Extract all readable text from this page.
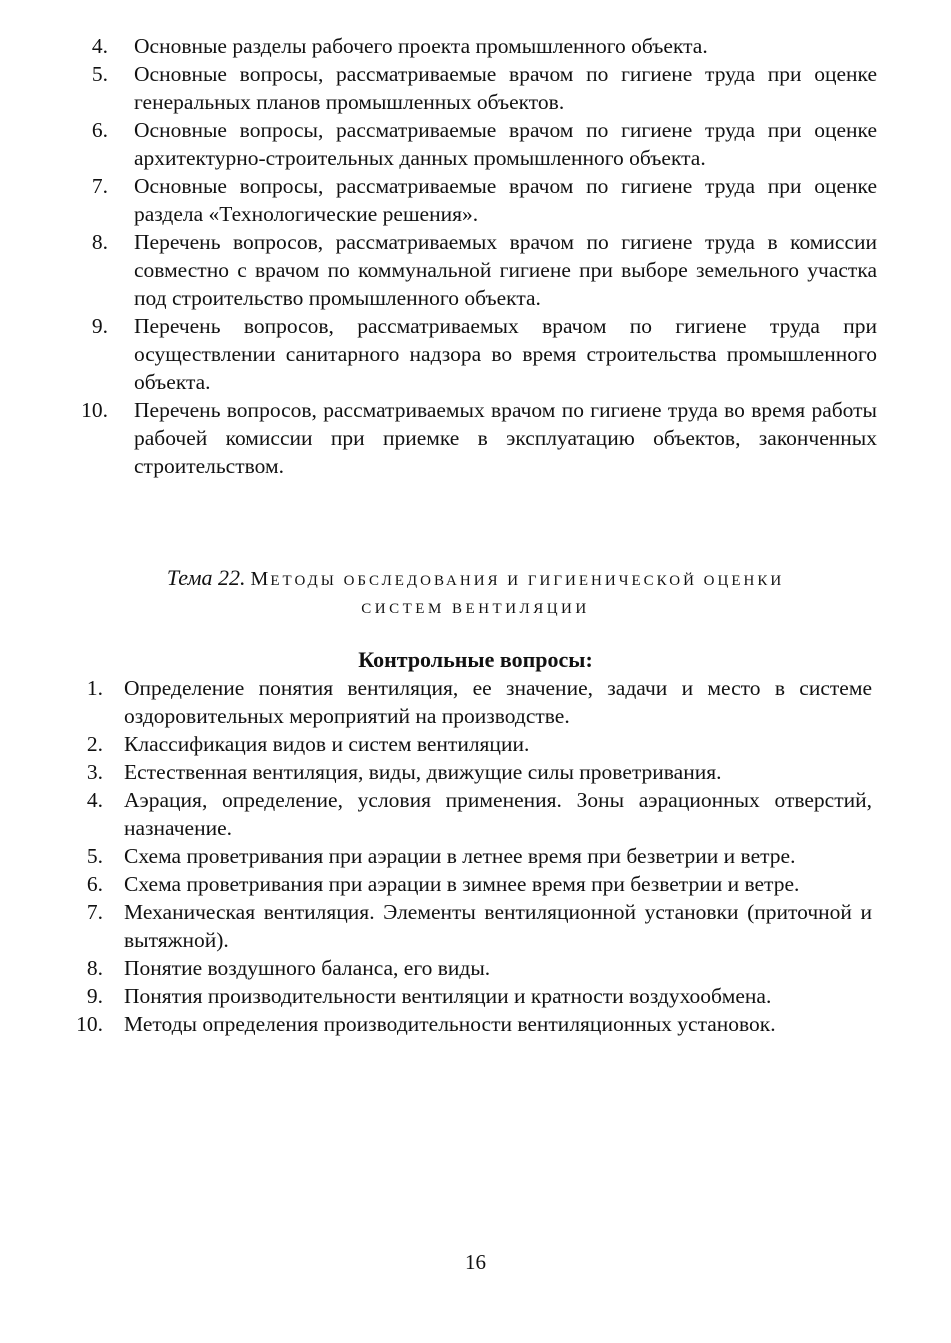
4. Основные разделы рабочего проекта промышленного объекта.
5. Основные вопросы, рассматриваемые врачом по гигиене труда при оценке генеральных планов промышленных объектов.
6. Основные вопросы, рассматриваемые врачом по гигиене труда при оценке архитектурно-строительных данных промышленного объекта.
7. Основные вопросы, рассматриваемые врачом по гигиене труда при оценке раздела «Технологические решения».
8. Перечень вопросов, рассматриваемых врачом по гигиене труда в комиссии совместно с врачом по коммунальной гигиене при выборе земельного участка под строительство промышленного объекта.
9. Перечень вопросов, рассматриваемых врачом по гигиене труда при осуществлении санитарного надзора во время строительства промышленного объекта.
10. Перечень вопросов, рассматриваемых врачом по гигиене труда во время работы рабочей комиссии при приемке в эксплуатацию объектов, законченных строительством.
Тема 22. МЕТОДЫ ОБСЛЕДОВАНИЯ И ГИГИЕНИЧЕСКОЙ ОЦЕНКИ
СИСТЕМ ВЕНТИЛЯЦИИ
Контрольные вопросы:
1. Определение понятия вентиляция, ее значение, задачи и место в системе оздоровительных мероприятий на производстве.
2. Классификация видов и систем вентиляции.
3. Естественная вентиляция, виды, движущие силы проветривания.
4. Аэрация, определение, условия применения. Зоны аэрационных отверстий, назначение.
5. Схема проветривания при аэрации в летнее время при безветрии и ветре.
6. Схема проветривания при аэрации в зимнее время при безветрии и ветре.
7. Механическая вентиляция. Элементы вентиляционной установки (приточной и вытяжной).
8. Понятие воздушного баланса, его виды.
9. Понятия производительности вентиляции и кратности воздухообмена.
10. Методы определения производительности вентиляционных установок.
16
